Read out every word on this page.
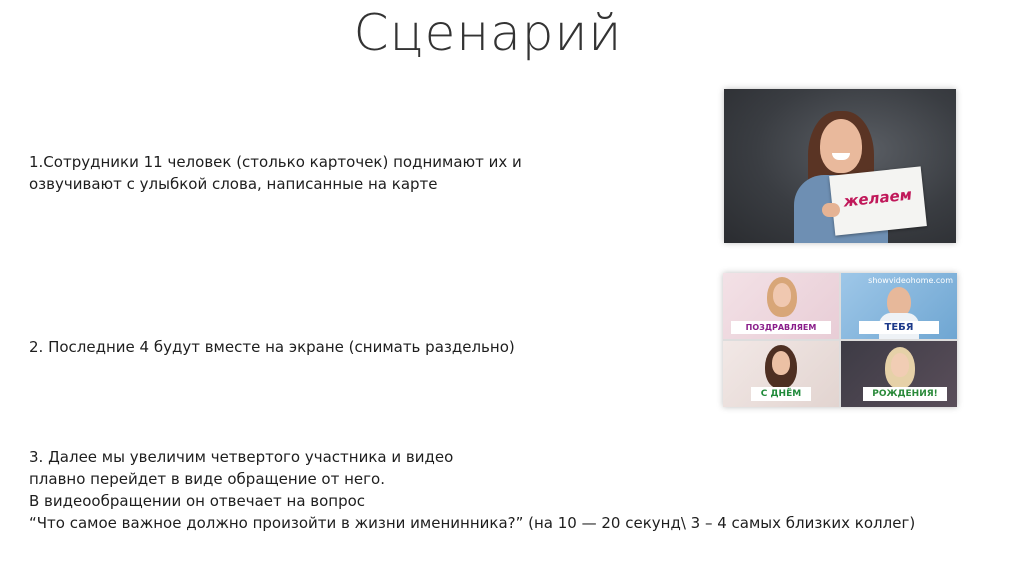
Сценарий
1.Сотрудники 11 человек (столько карточек) поднимают их и
озвучивают с улыбкой слова, написанные на карте
2. Последние 4 будут вместе на экране (снимать раздельно)
3. Далее мы увеличим четвертого участника и видео
плавно перейдет в виде обращение от него.
В видеообращении он отвечает на вопрос
“Что самое важное должно произойти в жизни именинника?” (на 10 — 20 секунд\ 3 – 4 самых близких коллег)
желаем
ПОЗДРАВЛЯЕМ
showvideohome.com
ТЕБЯ
С ДНЁМ	РОЖДЕНИЯ!
